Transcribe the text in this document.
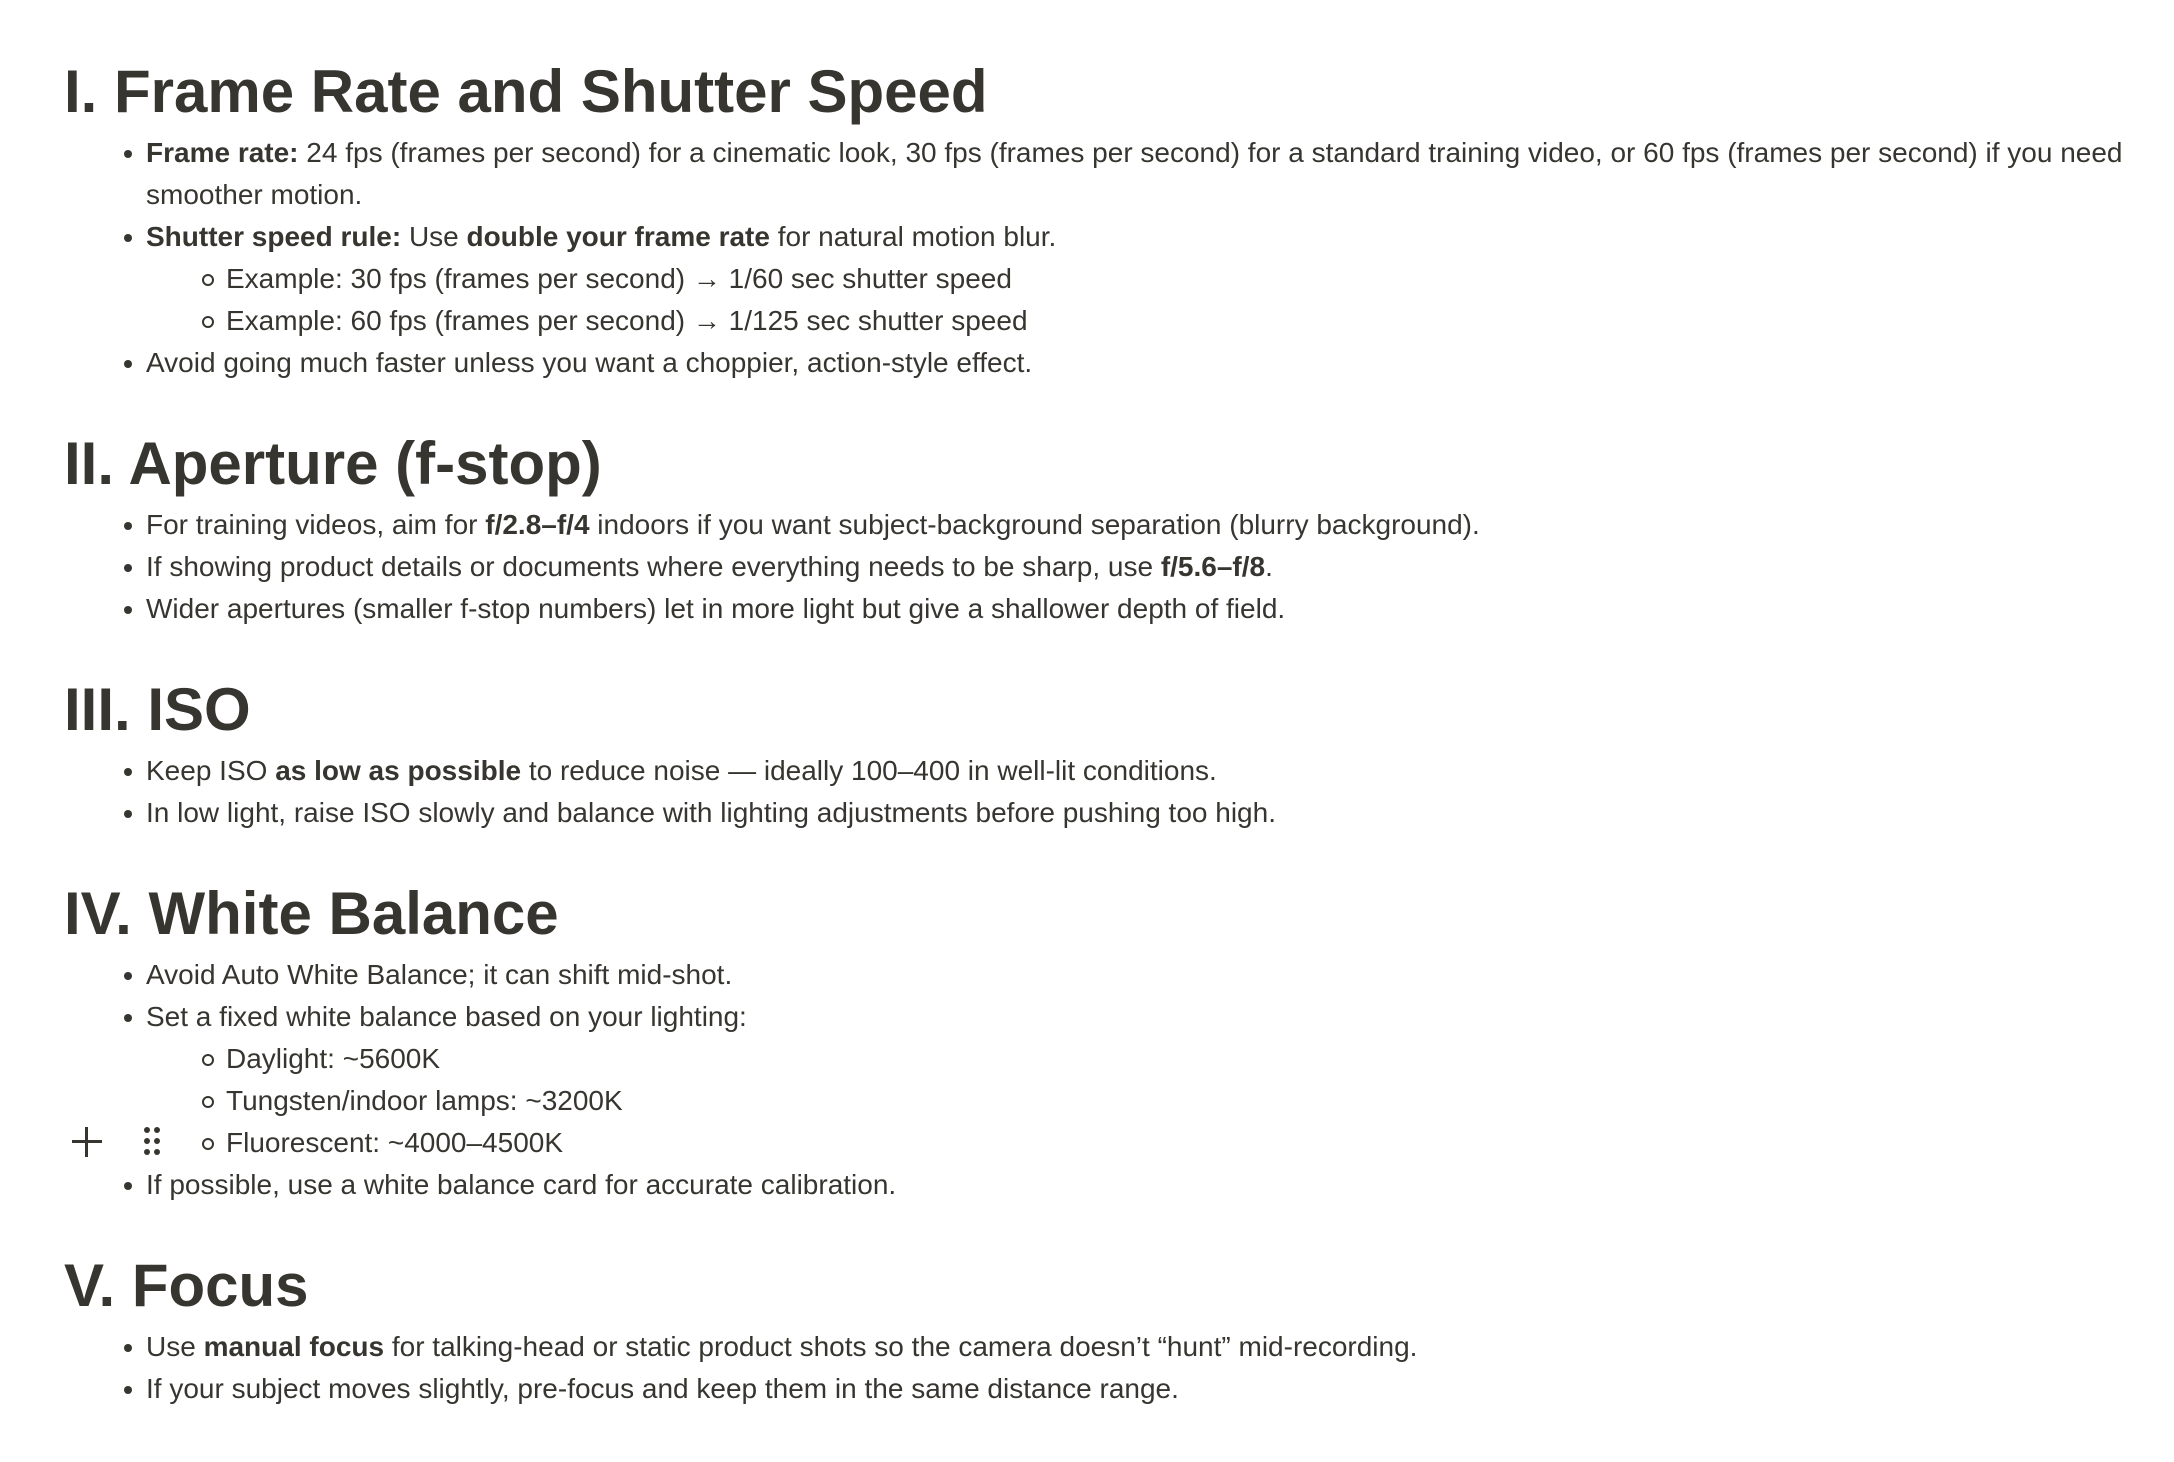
I. Frame Rate and Shutter Speed
Frame rate: 24 fps (frames per second) for a cinematic look, 30 fps (frames per second) for a standard training video, or 60 fps (frames per second) if you need smoother motion.
Shutter speed rule: Use double your frame rate for natural motion blur.
Example: 30 fps (frames per second) → 1/60 sec shutter speed
Example: 60 fps (frames per second) → 1/125 sec shutter speed
Avoid going much faster unless you want a choppier, action-style effect.
II. Aperture (f-stop)
For training videos, aim for f/2.8–f/4 indoors if you want subject-background separation (blurry background).
If showing product details or documents where everything needs to be sharp, use f/5.6–f/8.
Wider apertures (smaller f-stop numbers) let in more light but give a shallower depth of field.
III. ISO
Keep ISO as low as possible to reduce noise — ideally 100–400 in well-lit conditions.
In low light, raise ISO slowly and balance with lighting adjustments before pushing too high.
IV. White Balance
Avoid Auto White Balance; it can shift mid-shot.
Set a fixed white balance based on your lighting:
Daylight: ~5600K
Tungsten/indoor lamps: ~3200K
Fluorescent: ~4000–4500K
If possible, use a white balance card for accurate calibration.
V. Focus
Use manual focus for talking-head or static product shots so the camera doesn’t “hunt” mid-recording.
If your subject moves slightly, pre-focus and keep them in the same distance range.
